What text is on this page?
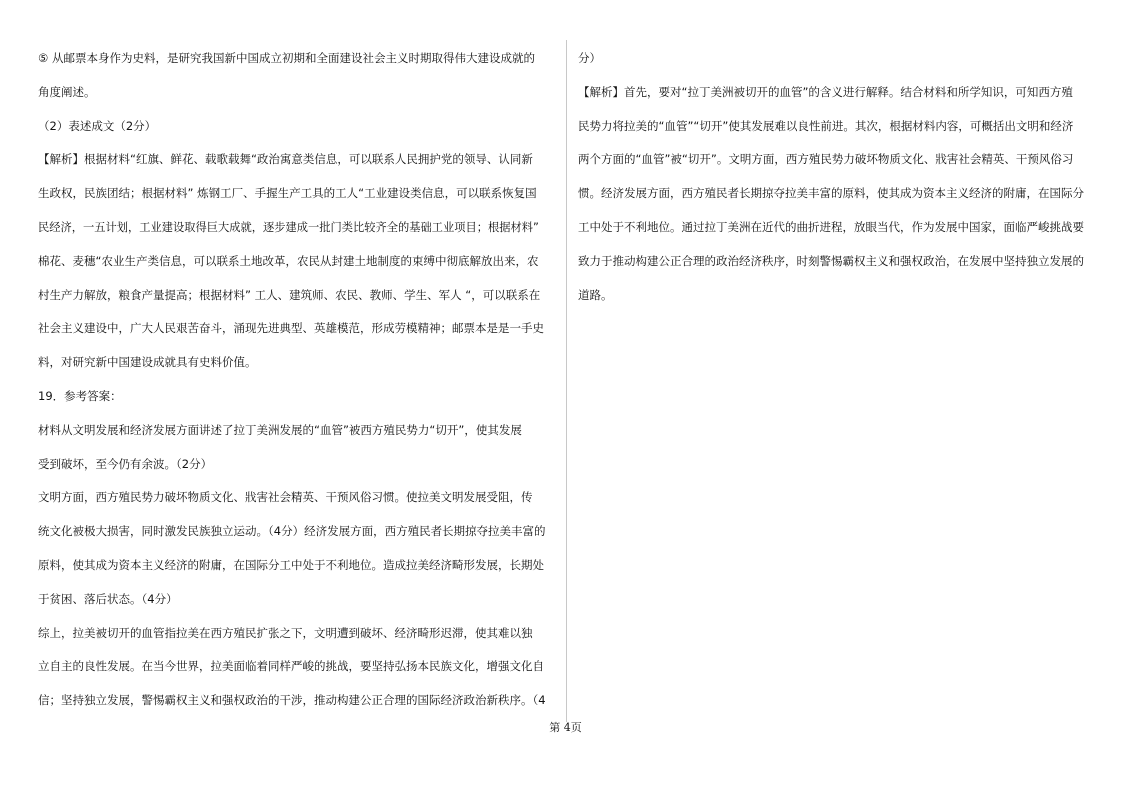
⑤ 从邮票本身作为史料，是研究我国新中国成立初期和全面建设社会主义时期取得伟大建设成就的

角度阐述。

（2）表述成文（2分）

【解析】根据材料“红旗、鲜花、载歌载舞“政治寓意类信息，可以联系人民拥护党的领导、认同新

生政权，民族团结；根据材料” 炼钢工厂、手握生产工具的工人“工业建设类信息，可以联系恢复国

民经济，一五计划，工业建设取得巨大成就，逐步建成一批门类比较齐全的基础工业项目；根据材料”

棉花、麦穗“农业生产类信息，可以联系土地改革，农民从封建土地制度的束缚中彻底解放出来，农

村生产力解放，粮食产量提高；根据材料” 工人、建筑师、农民、教师、学生、军人 “，可以联系在

社会主义建设中，广大人民艰苦奋斗，涌现先进典型、英雄模范，形成劳模精神；邮票本是是一手史

料，对研究新中国建设成就具有史料价值。

19．参考答案：

材料从文明发展和经济发展方面讲述了拉丁美洲发展的“血管”被西方殖民势力“切开”，使其发展

受到破坏，至今仍有余波。（2分）

文明方面，西方殖民势力破坏物质文化、戕害社会精英、干预风俗习惯。使拉美文明发展受阻，传

统文化被极大损害，同时激发民族独立运动。（4分）经济发展方面，西方殖民者长期掠夺拉美丰富的

原料，使其成为资本主义经济的附庸，在国际分工中处于不利地位。造成拉美经济畸形发展，长期处

于贫困、落后状态。（4分）

综上，拉美被切开的血管指拉美在西方殖民扩张之下，文明遭到破坏、经济畸形迟滞，使其难以独

立自主的良性发展。在当今世界，拉美面临着同样严峻的挑战，要坚持弘扬本民族文化，增强文化自

信；坚持独立发展，警惕霸权主义和强权政治的干涉，推动构建公正合理的国际经济政治新秩序。（4

分）

【解析】首先，要对“拉丁美洲被切开的血管”的含义进行解释。结合材料和所学知识，可知西方殖

民势力将拉美的“血管”“切开”使其发展难以良性前进。其次，根据材料内容，可概括出文明和经济

两个方面的“血管”被“切开”。文明方面，西方殖民势力破坏物质文化、戕害社会精英、干预风俗习

惯。经济发展方面，西方殖民者长期掠夺拉美丰富的原料，使其成为资本主义经济的附庸，在国际分

工中处于不利地位。通过拉丁美洲在近代的曲折进程，放眼当代，作为发展中国家，面临严峻挑战要

致力于推动构建公正合理的政治经济秩序，时刻警惕霸权主义和强权政治，在发展中坚持独立发展的

道路。

第 4页
